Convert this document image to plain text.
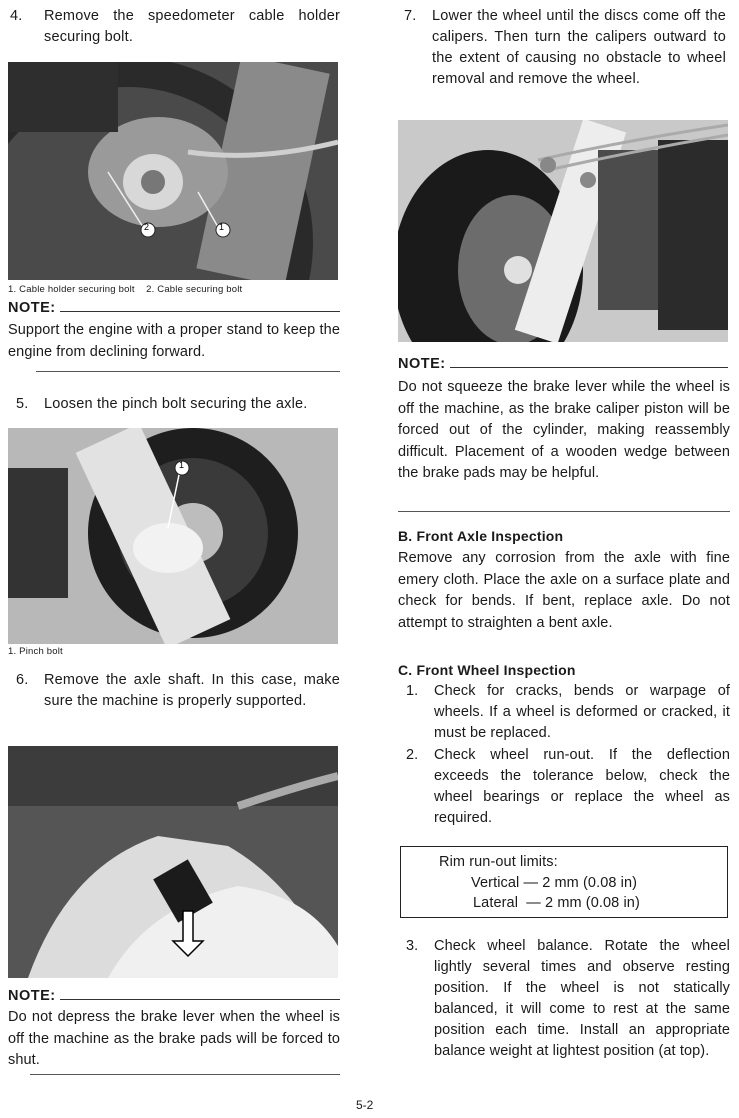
4.	Remove the speedometer cable holder securing bolt.
2	1
1. Cable holder securing bolt    2. Cable securing bolt
NOTE:
Support the engine with a proper stand to keep the engine from declining forward.
5.	Loosen the pinch bolt securing the axle.
1
1. Pinch bolt
6.	Remove the axle shaft. In this case, make sure the machine is properly supported.
NOTE:
Do not depress the brake lever when the wheel is off the machine as the brake pads will be forced to shut.
7.	Lower the wheel until the discs come off the calipers. Then turn the calipers outward to the extent of causing no obstacle to wheel removal and remove the wheel.
NOTE:
Do not squeeze the brake lever while the wheel is off the machine, as the brake caliper piston will be forced out of the cylinder, making reassembly difficult. Placement of a wooden wedge between the brake pads may be helpful.
B. Front Axle Inspection
Remove any corrosion from the axle with fine emery cloth. Place the axle on a surface plate and check for bends. If bent, replace axle. Do not attempt to straighten a bent axle.
C. Front Wheel Inspection
1.	Check for cracks, bends or warpage of wheels. If a wheel is deformed or cracked, it must be replaced.
2.	Check wheel run-out. If the deflection exceeds the tolerance below, check the wheel bearings or replace the wheel as required.
Rim run-out limits:
Vertical — 2 mm (0.08 in)
Lateral  — 2 mm (0.08 in)
3.	Check wheel balance. Rotate the wheel lightly several times and observe resting position. If the wheel is not statically balanced, it will come to rest at the same position each time. Install an appropriate balance weight at lightest position (at top).
5-2
